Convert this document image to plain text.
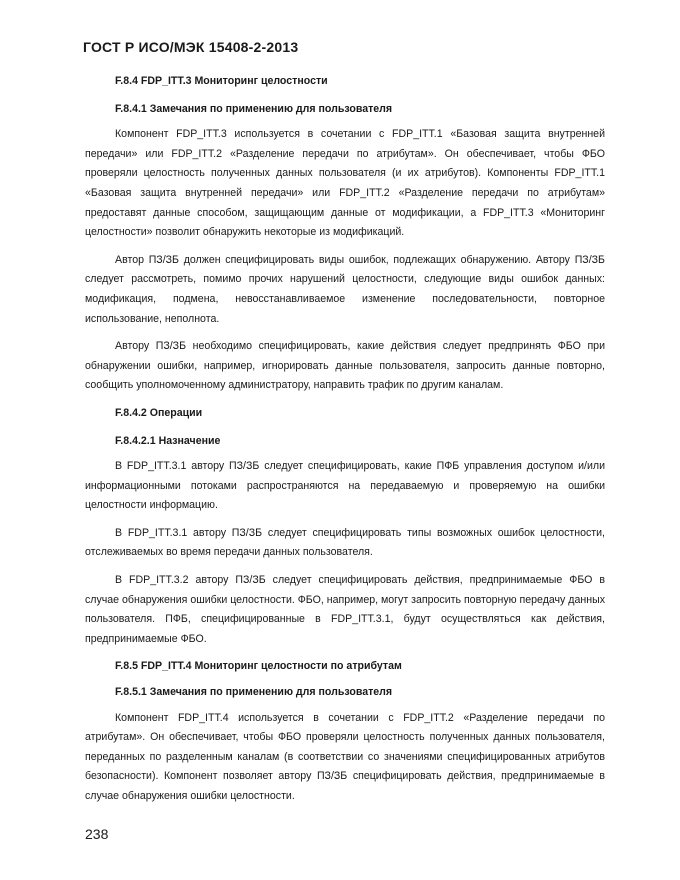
ГОСТ Р ИСО/МЭК 15408-2-2013
F.8.4 FDP_ITT.3 Мониторинг целостности
F.8.4.1 Замечания по применению для пользователя

Компонент FDP_ITT.3 используется в сочетании с FDP_ITT.1 «Базовая защита внутренней передачи» или FDP_ITT.2 «Разделение передачи по атрибутам». Он обеспечивает, чтобы ФБО проверяли целостность полученных данных пользователя (и их атрибутов). Компоненты FDP_ITT.1 «Базовая защита внутренней передачи» или FDP_ITT.2 «Разделение передачи по атрибутам» предоставят данные способом, защищающим данные от модификации, а FDP_ITT.3 «Мониторинг целостности» позволит обнаружить некоторые из модификаций.

Автор ПЗ/ЗБ должен специфицировать виды ошибок, подлежащих обнаружению. Автору ПЗ/ЗБ следует рассмотреть, помимо прочих нарушений целостности, следующие виды ошибок данных: модификация, подмена, невосстанавливаемое изменение последовательности, повторное использование, неполнота.

Автору ПЗ/ЗБ необходимо специфицировать, какие действия следует предпринять ФБО при обнаружении ошибки, например, игнорировать данные пользователя, запросить данные повторно, сообщить уполномоченному администратору, направить трафик по другим каналам.

F.8.4.2 Операции
F.8.4.2.1 Назначение

В FDP_ITT.3.1 автору ПЗ/ЗБ следует специфицировать, какие ПФБ управления доступом и/или информационными потоками распространяются на передаваемую и проверяемую на ошибки целостности информацию.

В FDP_ITT.3.1 автору ПЗ/ЗБ следует специфицировать типы возможных ошибок целостности, отслеживаемых во время передачи данных пользователя.

В FDP_ITT.3.2 автору ПЗ/ЗБ следует специфицировать действия, предпринимаемые ФБО в случае обнаружения ошибки целостности. ФБО, например, могут запросить повторную передачу данных пользователя. ПФБ, специфицированные в FDP_ITT.3.1, будут осуществляться как действия, предпринимаемые ФБО.

F.8.5 FDP_ITT.4 Мониторинг целостности по атрибутам
F.8.5.1 Замечания по применению для пользователя

Компонент FDP_ITT.4 используется в сочетании с FDP_ITT.2 «Разделение передачи по атрибутам». Он обеспечивает, чтобы ФБО проверяли целостность полученных данных пользователя, переданных по разделенным каналам (в соответствии со значениями специфицированных атрибутов безопасности). Компонент позволяет автору ПЗ/ЗБ специфицировать действия, предпринимаемые в случае обнаружения ошибки целостности.

238
